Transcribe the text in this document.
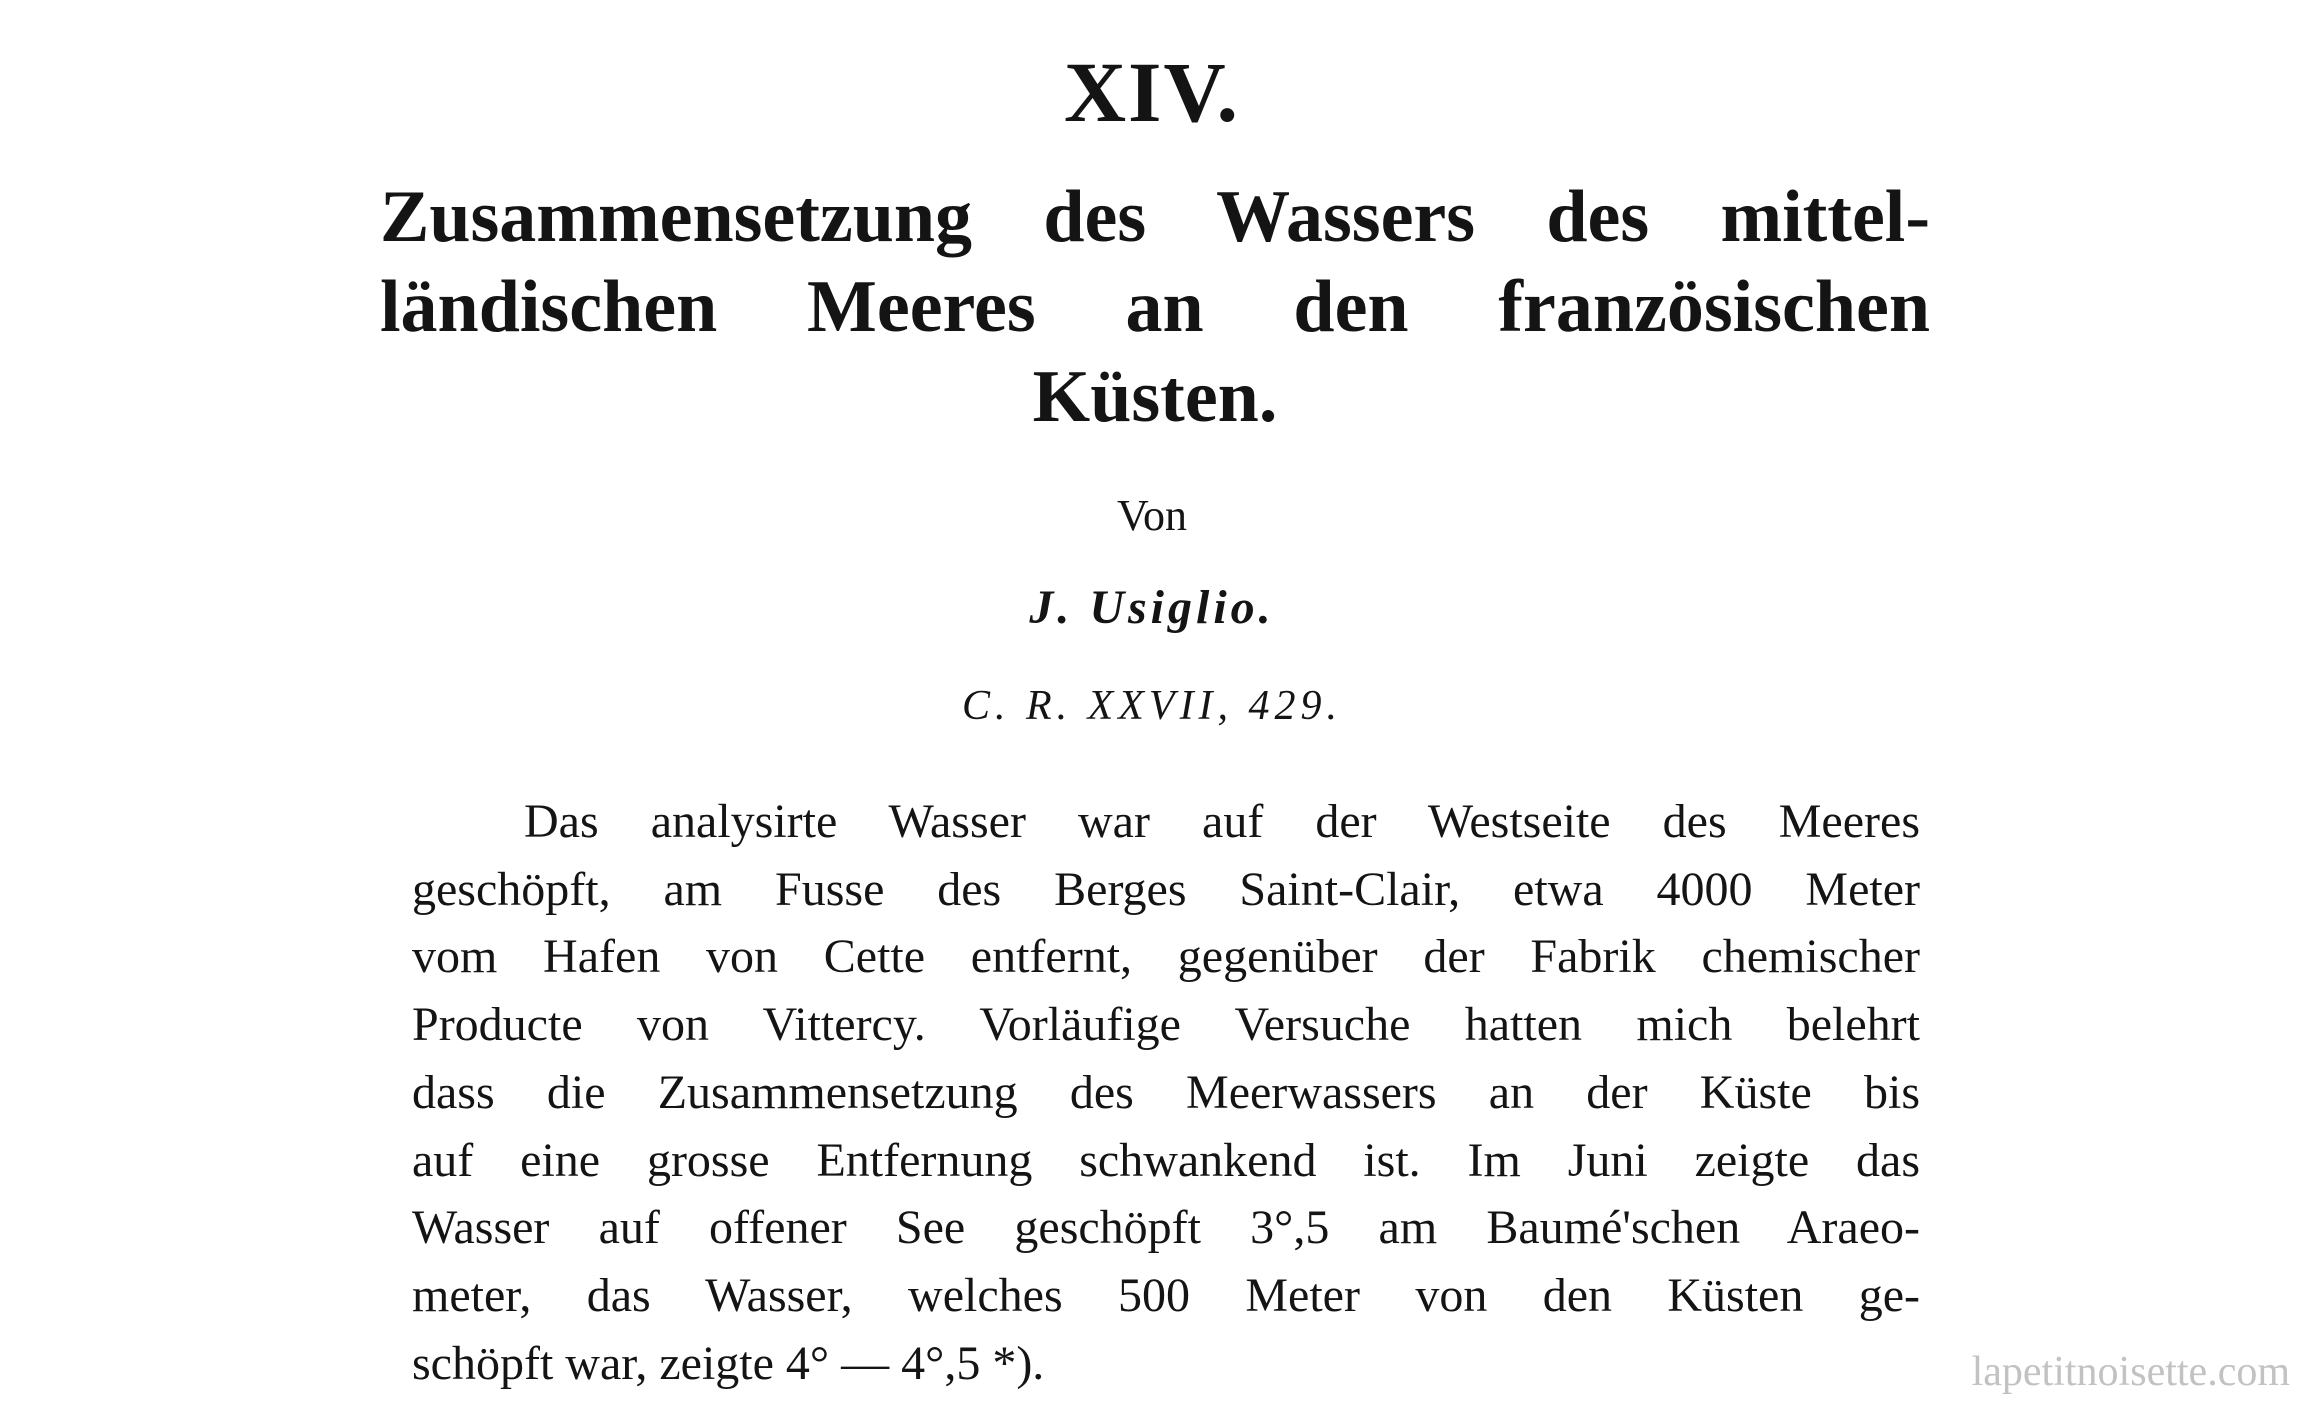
XIV.
Zusammensetzung des Wassers des mittel-
ländischen Meeres an den französischen
Küsten.
Von
J. Usiglio.
C. R. XXVII, 429.
Das analysirte Wasser war auf der Westseite des Meeres
geschöpft, am Fusse des Berges Saint-Clair, etwa 4000 Meter
vom Hafen von Cette entfernt, gegenüber der Fabrik chemischer
Producte von Vittercy. Vorläufige Versuche hatten mich belehrt
dass die Zusammensetzung des Meerwassers an der Küste bis
auf eine grosse Entfernung schwankend ist. Im Juni zeigte das
Wasser auf offener See geschöpft 3°,5 am Baumé'schen Araeo-
meter, das Wasser, welches 500 Meter von den Küsten ge-
schöpft war, zeigte 4° — 4°,5 *).	lapetitnoisette.com
